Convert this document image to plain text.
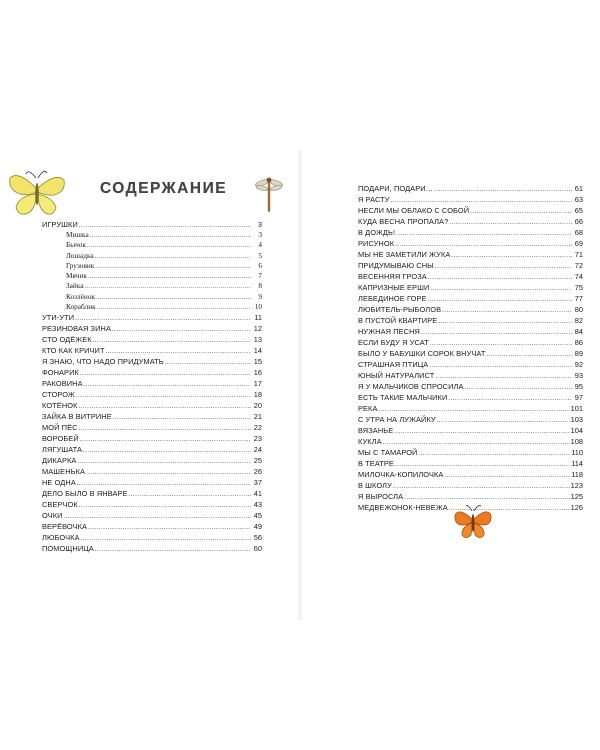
СОДЕРЖАНИЕ
ИГРУШКИ .....	3
Мишка .....	3
Бычок .....	4
Лошадка .....	5
Грузовик .....	6
Мячик .....	7
Зайка .....	8
Козлёнок .....	9
Кораблик .....	10
УТИ-УТИ .....	11
РЕЗИНОВАЯ ЗИНА .....	12
СТО ОДЁЖЕК .....	13
КТО КАК КРИЧИТ .....	14
Я ЗНАЮ, ЧТО НАДО ПРИДУМАТЬ .....	15
ФОНАРИК .....	16
РАКОВИНА .....	17
СТОРОЖ .....	18
КОТЁНОК .....	20
ЗАЙКА В ВИТРИНЕ .....	21
МОЙ ПЁС .....	22
ВОРОБЕЙ .....	23
ЛЯГУШАТА .....	24
ДИКАРКА .....	25
МАШЕНЬКА .....	26
НЕ ОДНА .....	37
ДЕЛО БЫЛО В ЯНВАРЕ .....	41
СВЕРЧОК .....	43
ОЧКИ .....	45
ВЕРЁВОЧКА .....	49
ЛЮБОЧКА .....	56
ПОМОЩНИЦА .....	60
ПОДАРИ, ПОДАРИ… .....	61
Я РАСТУ .....	63
НЕСЛИ МЫ ОБЛАКО С СОБОЙ .....	65
КУДА ВЕСНА ПРОПАЛА? .....	66
В ДОЖДЬ! .....	68
РИСУНОК .....	69
МЫ НЕ ЗАМЕТИЛИ ЖУКА .....	71
ПРИДУМЫВАЮ СНЫ .....	72
ВЕСЕННЯЯ ГРОЗА .....	74
КАПРИЗНЫЕ ЕРШИ .....	75
ЛЕБЕДИНОЕ ГОРЕ .....	77
ЛЮБИТЕЛЬ-РЫБОЛОВ .....	80
В ПУСТОЙ КВАРТИРЕ .....	82
НУЖНАЯ ПЕСНЯ .....	84
ЕСЛИ БУДУ Я УСАТ .....	86
БЫЛО У БАБУШКИ СОРОК ВНУЧАТ .....	89
СТРАШНАЯ ПТИЦА .....	92
ЮНЫЙ НАТУРАЛИСТ .....	93
Я У МАЛЬЧИКОВ СПРОСИЛА .....	95
ЕСТЬ ТАКИЕ МАЛЬЧИКИ .....	97
РЕКА .....	101
С УТРА НА ЛУЖАЙКУ .....	103
ВЯЗАНЬЕ .....	104
КУКЛА .....	108
МЫ С ТАМАРОЙ .....	110
В ТЕАТРЕ .....	114
МИЛОЧКА-КОПИЛОЧКА .....	118
В ШКОЛУ .....	123
Я ВЫРОСЛА .....	125
МЕДВЕЖОНОК-НЕВЕЖА .....	126
